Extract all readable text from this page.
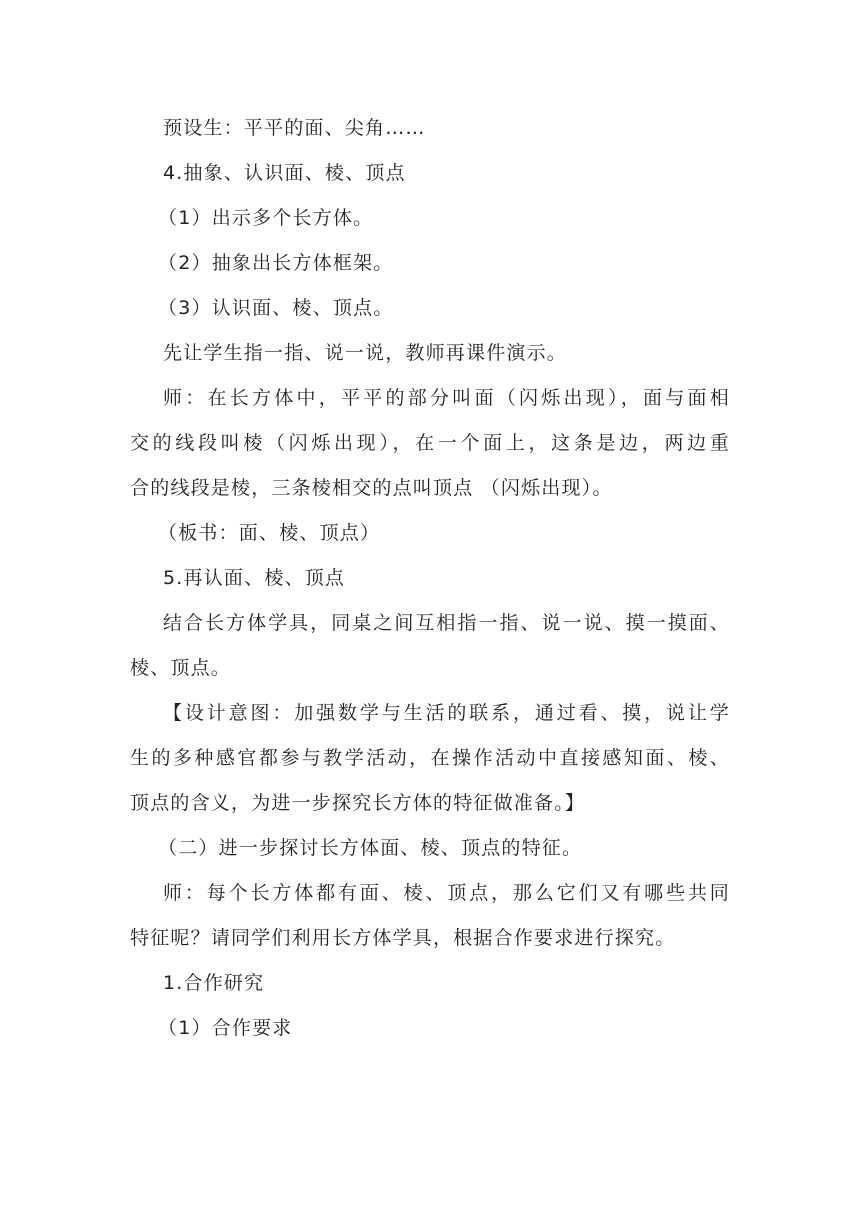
预设生：平平的面、尖角……
4.抽象、认识面、棱、顶点
（1）出示多个长方体。
（2）抽象出长方体框架。
（3）认识面、棱、顶点。
先让学生指一指、说一说，教师再课件演示。
师：在长方体中，平平的部分叫面（闪烁出现），面与面相
交的线段叫棱（闪烁出现），在一个面上，这条是边，两边重
合的线段是棱，三条棱相交的点叫顶点 （闪烁出现）。
（板书：面、棱、顶点）
5.再认面、棱、顶点
结合长方体学具，同桌之间互相指一指、说一说、摸一摸面、
棱、顶点。
【设计意图：加强数学与生活的联系，通过看、摸，说让学
生的多种感官都参与教学活动，在操作活动中直接感知面、棱、
顶点的含义，为进一步探究长方体的特征做准备。】
（二）进一步探讨长方体面、棱、顶点的特征。
师：每个长方体都有面、棱、顶点，那么它们又有哪些共同
特征呢？请同学们利用长方体学具，根据合作要求进行探究。
1.合作研究
（1）合作要求
